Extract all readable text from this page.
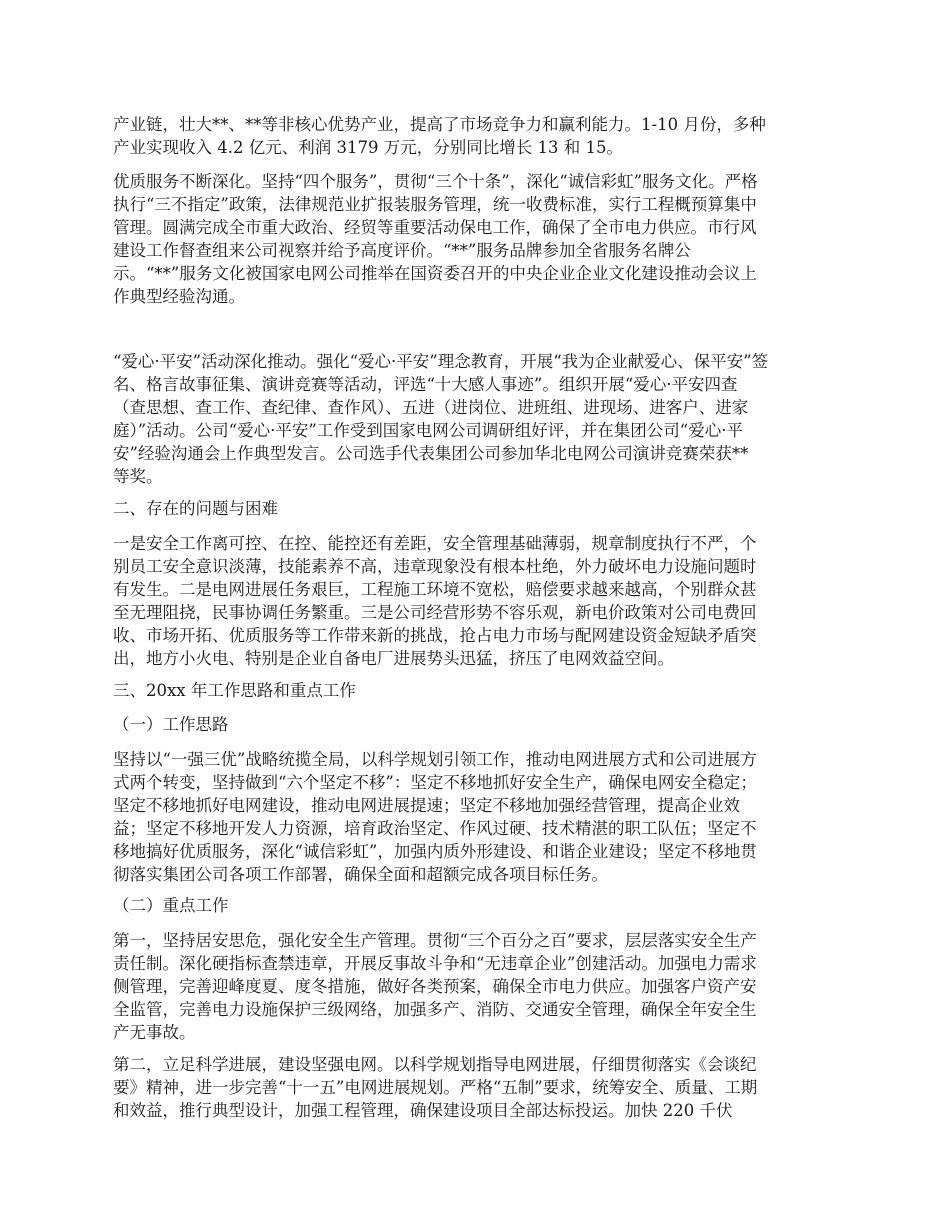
产业链，壮大**、**等非核心优势产业，提高了市场竞争力和赢利能力。1-10 月份，多种
产业实现收入 4.2 亿元、利润 3179 万元，分别同比增长 13 和 15。
优质服务不断深化。坚持“四个服务”，贯彻“三个十条”，深化“诚信彩虹”服务文化。严格
执行“三不指定”政策，法律规范业扩报装服务管理，统一收费标准，实行工程概预算集中
管理。圆满完成全市重大政治、经贸等重要活动保电工作，确保了全市电力供应。市行风
建设工作督查组来公司视察并给予高度评价。“**”服务品牌参加全省服务名牌公
示。“**”服务文化被国家电网公司推举在国资委召开的中央企业企业文化建设推动会议上
作典型经验沟通。
“爱心·平安”活动深化推动。强化“爱心·平安”理念教育，开展“我为企业献爱心、保平安”签
名、格言故事征集、演讲竞赛等活动，评选“十大感人事迹”。组织开展“爱心·平安四查
（查思想、查工作、查纪律、查作风）、五进（进岗位、进班组、进现场、进客户、进家
庭）”活动。公司“爱心·平安”工作受到国家电网公司调研组好评，并在集团公司“爱心·平
安”经验沟通会上作典型发言。公司选手代表集团公司参加华北电网公司演讲竞赛荣获**
等奖。
二、存在的问题与困难
一是安全工作离可控、在控、能控还有差距，安全管理基础薄弱，规章制度执行不严，个
别员工安全意识淡薄，技能素养不高，违章现象没有根本杜绝，外力破坏电力设施问题时
有发生。二是电网进展任务艰巨，工程施工环境不宽松，赔偿要求越来越高，个别群众甚
至无理阻挠，民事协调任务繁重。三是公司经营形势不容乐观，新电价政策对公司电费回
收、市场开拓、优质服务等工作带来新的挑战，抢占电力市场与配网建设资金短缺矛盾突
出，地方小火电、特别是企业自备电厂进展势头迅猛，挤压了电网效益空间。
三、20xx 年工作思路和重点工作
（一）工作思路
坚持以“一强三优”战略统揽全局，以科学规划引领工作，推动电网进展方式和公司进展方
式两个转变，坚持做到“六个坚定不移”：坚定不移地抓好安全生产，确保电网安全稳定；
坚定不移地抓好电网建设，推动电网进展提速；坚定不移地加强经营管理，提高企业效
益；坚定不移地开发人力资源，培育政治坚定、作风过硬、技术精湛的职工队伍；坚定不
移地搞好优质服务，深化“诚信彩虹”，加强内质外形建设、和谐企业建设；坚定不移地贯
彻落实集团公司各项工作部署，确保全面和超额完成各项目标任务。
（二）重点工作
第一，坚持居安思危，强化安全生产管理。贯彻“三个百分之百”要求，层层落实安全生产
责任制。深化硬指标查禁违章，开展反事故斗争和“无违章企业”创建活动。加强电力需求
侧管理，完善迎峰度夏、度冬措施，做好各类预案，确保全市电力供应。加强客户资产安
全监管，完善电力设施保护三级网络，加强多产、消防、交通安全管理，确保全年安全生
产无事故。
第二，立足科学进展，建设坚强电网。以科学规划指导电网进展，仔细贯彻落实《会谈纪
要》精神，进一步完善“十一五”电网进展规划。严格“五制”要求，统筹安全、质量、工期
和效益，推行典型设计，加强工程管理，确保建设项目全部达标投运。加快 220 千伏
